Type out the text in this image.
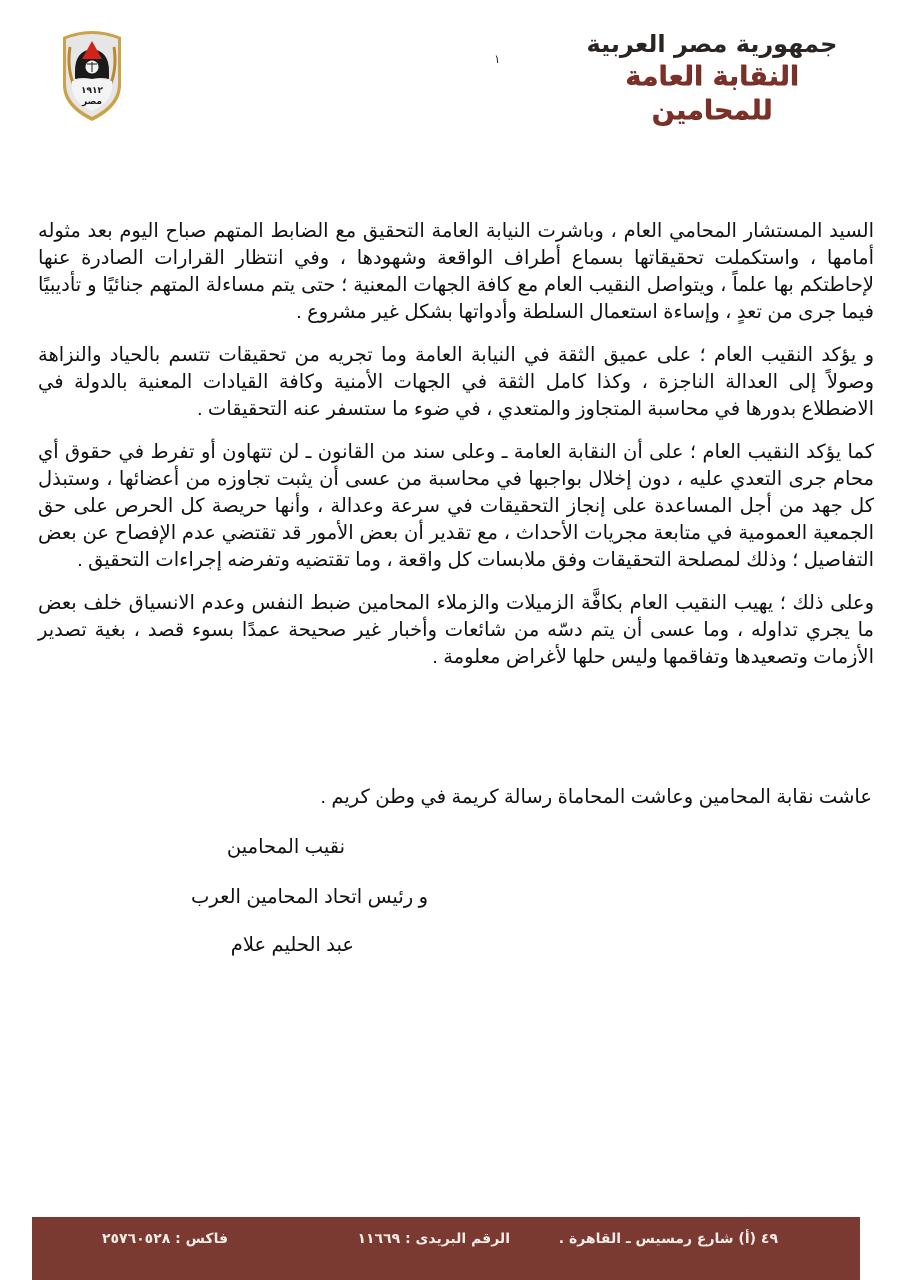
١٩١٢
مصر
١
جمهورية مصر العربية
النقابة العامة للمحامين

السيد المستشار المحامي العام ، وباشرت النيابة العامة التحقيق مع الضابط المتهم صباح اليوم بعد مثوله أمامها ، واستكملت تحقيقاتها بسماع أطراف الواقعة وشهودها ، وفي انتظار القرارات الصادرة عنها لإحاطتكم بها علماً ، ويتواصل النقيب العام مع كافة الجهات المعنية ؛ حتى يتم مساءلة المتهم جنائيًا و تأديبيًا فيما جرى من تعدٍ ، وإساءة استعمال السلطة وأدواتها بشكل غير مشروع .

و يؤكد النقيب العام ؛ على عميق الثقة في النيابة العامة وما تجريه من تحقيقات تتسم بالحياد والنزاهة وصولاً إلى العدالة الناجزة ، وكذا كامل الثقة في الجهات الأمنية وكافة القيادات المعنية بالدولة في الاضطلاع بدورها في محاسبة المتجاوز والمتعدي ، في ضوء ما ستسفر عنه التحقيقات .

كما يؤكد النقيب العام ؛ على أن النقابة العامة ـ وعلى سند من القانون ـ لن تتهاون أو تفرط في حقوق أي محام جرى التعدي عليه ، دون إخلال بواجبها في محاسبة من عسى أن يثبت تجاوزه من أعضائها ، وستبذل كل جهد من أجل المساعدة على إنجاز التحقيقات في سرعة وعدالة ، وأنها حريصة كل الحرص على حق الجمعية العمومية في متابعة مجريات الأحداث ، مع تقدير أن بعض الأمور قد تقتضي عدم الإفصاح عن بعض التفاصيل ؛ وذلك لمصلحة التحقيقات وفق ملابسات كل واقعة ، وما تقتضيه وتفرضه إجراءات التحقيق .

وعلى ذلك ؛ يهيب النقيب العام بكافَّة الزميلات والزملاء المحامين ضبط النفس وعدم الانسياق خلف بعض ما يجري تداوله ، وما عسى أن يتم دسّه من شائعات وأخبار غير صحيحة عمدًا بسوء قصد ، بغية تصدير الأزمات وتصعيدها وتفاقمها وليس حلها لأغراض معلومة .

عاشت نقابة المحامين وعاشت المحاماة رسالة كريمة في وطن كريم .
نقيب المحامين
و رئيس اتحاد المحامين العرب
عبد الحليم علام
٤٩ (أ) شارع رمسيس ـ القاهرة .
الرقم البريدى : ١١٦٦٩
فاكس : ٢٥٧٦٠٥٢٨
